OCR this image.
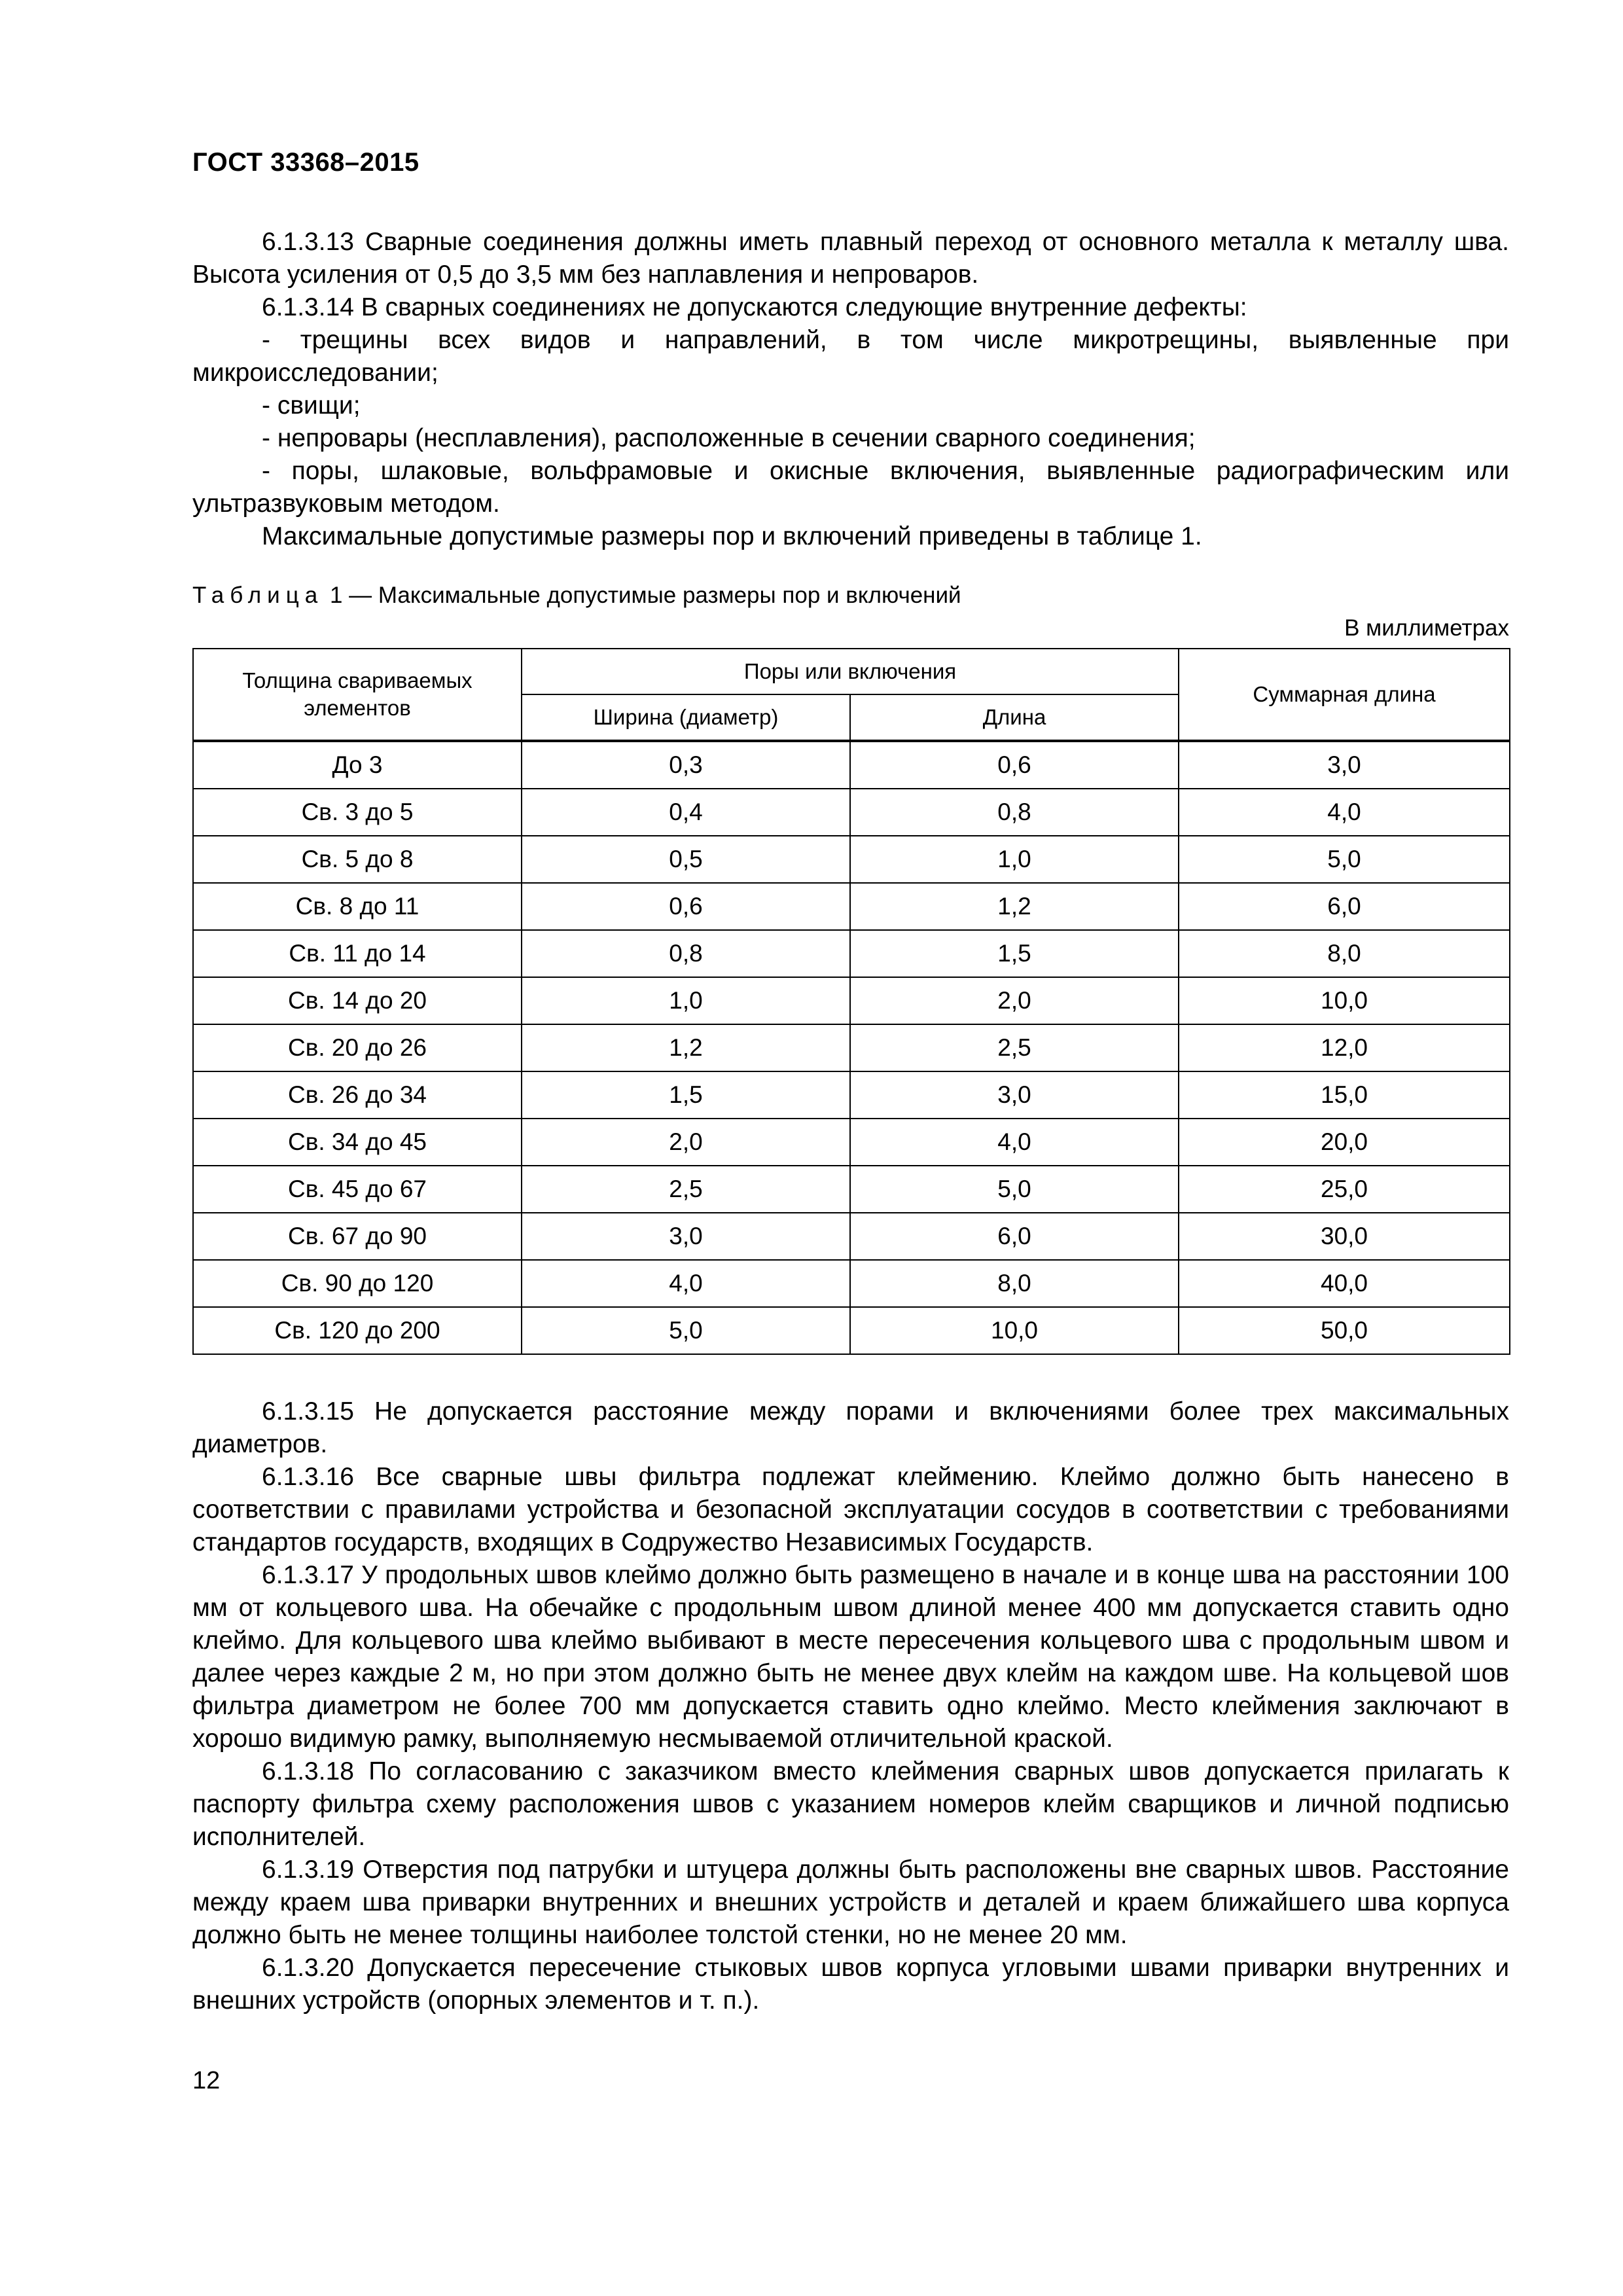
ГОСТ 33368–2015

6.1.3.13 Сварные соединения должны иметь плавный переход от основного металла к металлу шва. Высота усиления от 0,5 до 3,5 мм без наплавления и непроваров.

6.1.3.14 В сварных соединениях не допускаются следующие внутренние дефекты:

- трещины всех видов и направлений, в том числе микротрещины, выявленные при микроисследовании;

- свищи;

- непровары (несплавления), расположенные в сечении сварного соединения;

- поры, шлаковые, вольфрамовые и окисные включения, выявленные радиографическим или ультразвуковым методом.

Максимальные допустимые размеры пор и включений приведены в таблице 1.

Таблица 1 — Максимальные допустимые размеры пор и включений
В миллиметрах
Толщина свариваемых элементов	Поры или включения		Суммарная длина
	Ширина (диаметр)	Длина	
До 3	0,3	0,6	3,0
Св. 3 до 5	0,4	0,8	4,0
Св. 5 до 8	0,5	1,0	5,0
Св. 8 до 11	0,6	1,2	6,0
Св. 11 до 14	0,8	1,5	8,0
Св. 14 до 20	1,0	2,0	10,0
Св. 20 до 26	1,2	2,5	12,0
Св. 26 до 34	1,5	3,0	15,0
Св. 34 до 45	2,0	4,0	20,0
Св. 45 до 67	2,5	5,0	25,0
Св. 67 до 90	3,0	6,0	30,0
Св. 90 до 120	4,0	8,0	40,0
Св. 120 до 200	5,0	10,0	50,0

6.1.3.15 Не допускается расстояние между порами и включениями более трех максимальных диаметров.

6.1.3.16 Все сварные швы фильтра подлежат клеймению. Клеймо должно быть нанесено в соответствии с правилами устройства и безопасной эксплуатации сосудов в соответствии с требованиями стандартов государств, входящих в Содружество Независимых Государств.

6.1.3.17 У продольных швов клеймо должно быть размещено в начале и в конце шва на расстоянии 100 мм от кольцевого шва. На обечайке с продольным швом длиной менее 400 мм допускается ставить одно клеймо. Для кольцевого шва клеймо выбивают в месте пересечения кольцевого шва с продольным швом и далее через каждые 2 м, но при этом должно быть не менее двух клейм на каждом шве. На кольцевой шов фильтра диаметром не более 700 мм допускается ставить одно клеймо. Место клеймения заключают в хорошо видимую рамку, выполняемую несмываемой отличительной краской.

6.1.3.18 По согласованию с заказчиком вместо клеймения сварных швов допускается прилагать к паспорту фильтра схему расположения швов с указанием номеров клейм сварщиков и личной подписью исполнителей.

6.1.3.19 Отверстия под патрубки и штуцера должны быть расположены вне сварных швов. Расстояние между краем шва приварки внутренних и внешних устройств и деталей и краем ближайшего шва корпуса должно быть не менее толщины наиболее толстой стенки, но не менее 20 мм.

6.1.3.20 Допускается пересечение стыковых швов корпуса угловыми швами приварки внутренних и внешних устройств (опорных элементов и т. п.).

12
